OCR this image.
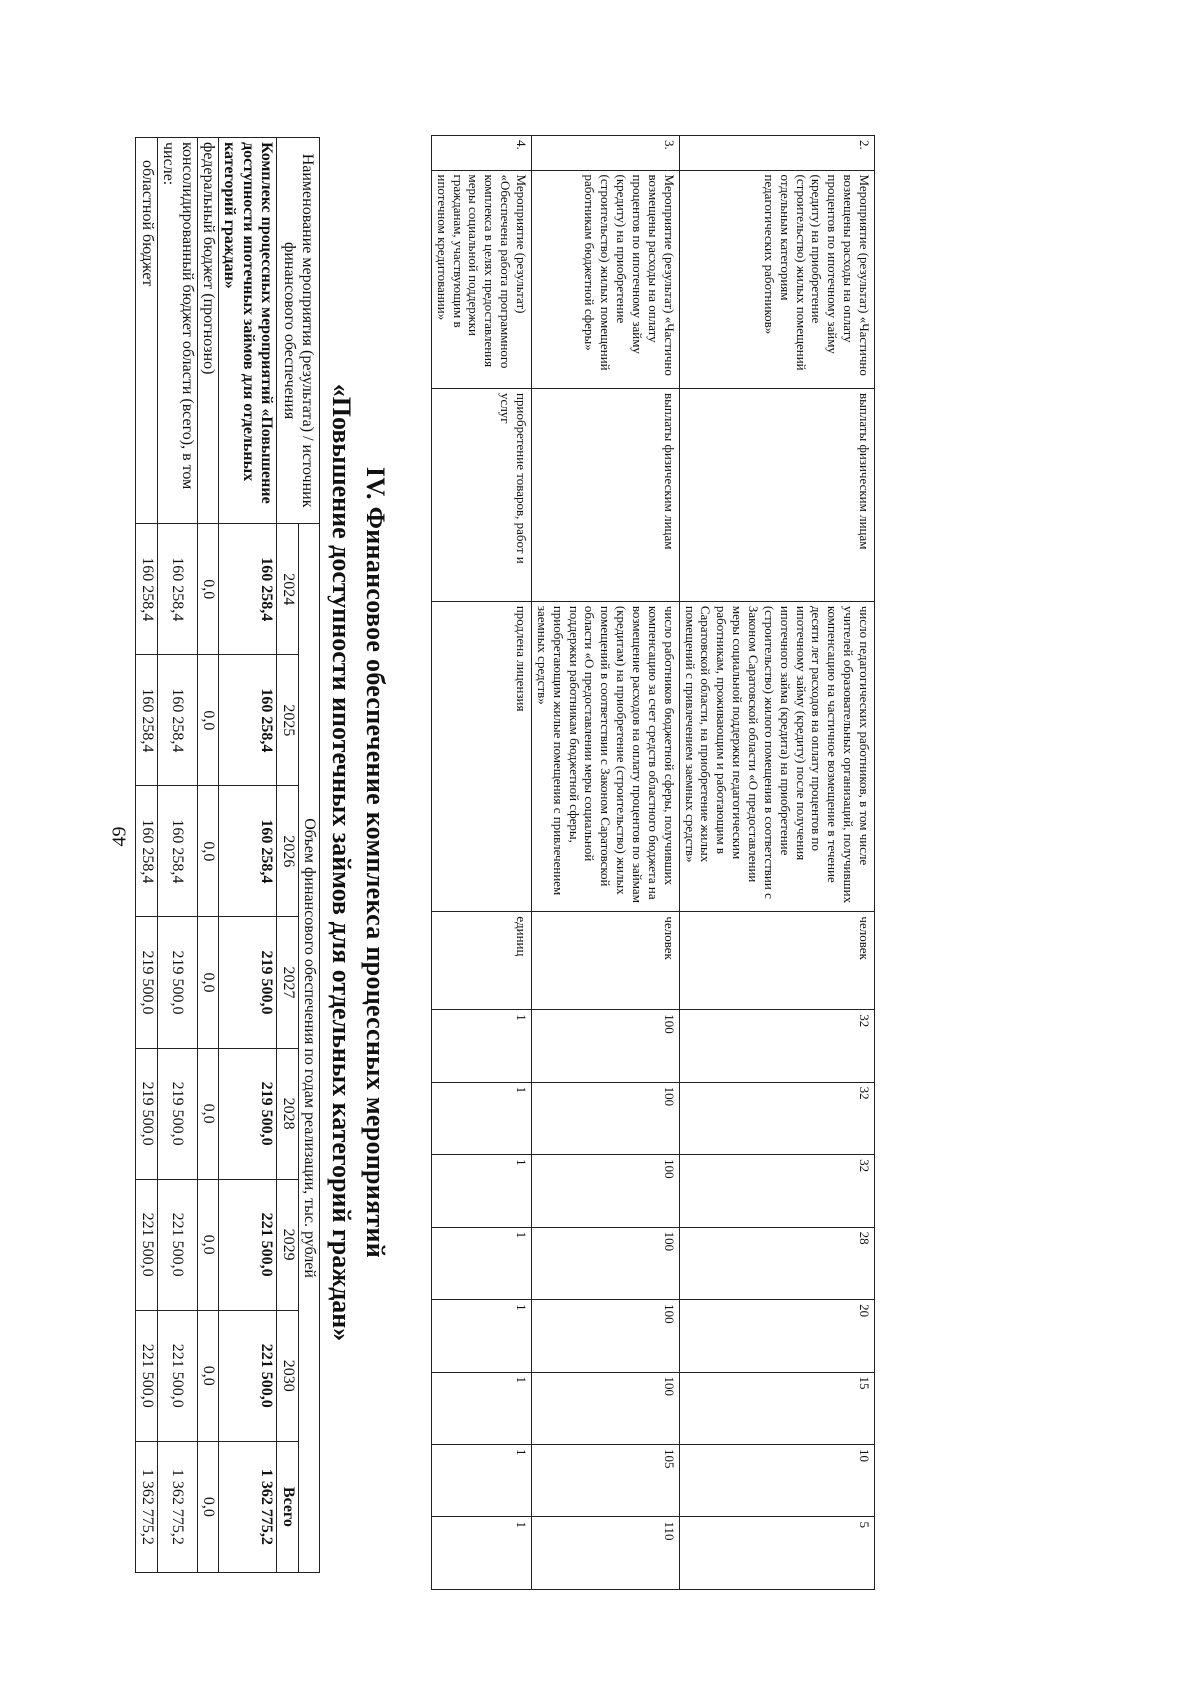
49
2.	Мероприятие (результат) «Частично возмещены расходы на оплату процентов по ипотечному займу (кредиту) на приобретение (строительство) жилых помещений отдельным категориям педагогических работников»	выплаты физическим лицам	число педагогических работников, в том числе учителей образовательных организаций, получивших компенсацию на частичное возмещение в течение десяти лет расходов на оплату процентов по ипотечному займу (кредиту) после получения ипотечного займа (кредита) на приобретение (строительство) жилого помещения в соответствии с Законом Саратовской области «О предоставлении меры социальной поддержки педагогическим работникам, проживающим и работающим в Саратовской области, на приобретение жилых помещений с привлечением заемных средств»	человек	32	32	32	28	20	15	10	5
3.	Мероприятие (результат) «Частично возмещены расходы на оплату процентов по ипотечному займу (кредиту) на приобретение (строительство) жилых помещений работникам бюджетной сферы»	выплаты физическим лицам	число работников бюджетной сферы, получивших компенсацию за счет средств областного бюджета на возмещение расходов на оплату процентов по займам (кредитам) на приобретение (строительство) жилых помещений в соответствии с Законом Саратовской области «О предоставлении меры социальной поддержки работникам бюджетной сферы, приобретающим жилые помещения с привлечением заемных средств»	человек	100	100	100	100	100	100	105	110
4.	Мероприятие (результат) «Обеспечена работа программного комплекса в целях предоставления меры социальной поддержки гражданам, участвующим в ипотечном кредитовании»	приобретение товаров, работ и услуг	продлена лицензия	единиц	1	1	1	1	1	1	1	1
IV. Финансовое обеспечение комплекса процессных мероприятий
«Повышение доступности ипотечных займов для отдельных категорий граждан»
Наименование мероприятия (результата) / источник финансового обеспечения	Объем финансового обеспечения по годам реализации, тыс. рублей							
	2024	2025	2026	2027	2028	2029	2030	Всего
Комплекс процессных мероприятий «Повышение доступности ипотечных займов для отдельных категорий граждан»	160 258,4	160 258,4	160 258,4	219 500,0	219 500,0	221 500,0	221 500,0	1 362 775,2
федеральный бюджет (прогнозно)	0,0	0,0	0,0	0,0	0,0	0,0	0,0	0,0
консолидированный бюджет области (всего), в том числе:	160 258,4	160 258,4	160 258,4	219 500,0	219 500,0	221 500,0	221 500,0	1 362 775,2
областной бюджет	160 258,4	160 258,4	160 258,4	219 500,0	219 500,0	221 500,0	221 500,0	1 362 775,2
